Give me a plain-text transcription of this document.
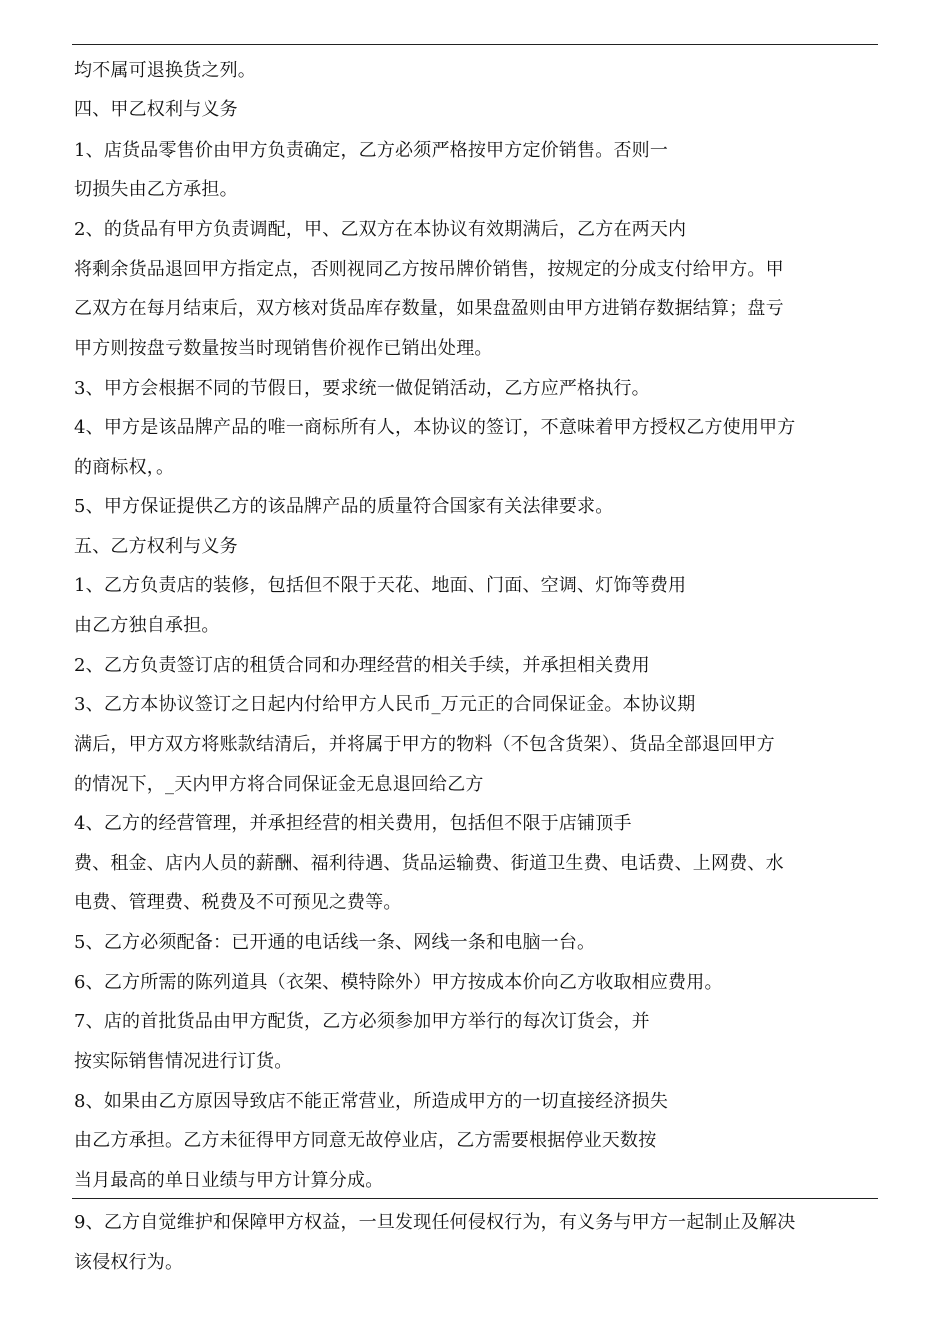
均不属可退换货之列。
四、甲乙权利与义务
1、店货品零售价由甲方负责确定，乙方必须严格按甲方定价销售。否则一
切损失由乙方承担。
2、的货品有甲方负责调配，甲、乙双方在本协议有效期满后，乙方在两天内
将剩余货品退回甲方指定点，否则视同乙方按吊牌价销售，按规定的分成支付给甲方。甲
乙双方在每月结束后，双方核对货品库存数量，如果盘盈则由甲方进销存数据结算；盘亏
甲方则按盘亏数量按当时现销售价视作已销出处理。
3、甲方会根据不同的节假日，要求统一做促销活动，乙方应严格执行。
4、甲方是该品牌产品的唯一商标所有人，本协议的签订，不意味着甲方授权乙方使用甲方
的商标权，。
5、甲方保证提供乙方的该品牌产品的质量符合国家有关法律要求。
五、乙方权利与义务
1、乙方负责店的装修，包括但不限于天花、地面、门面、空调、灯饰等费用
由乙方独自承担。
2、乙方负责签订店的租赁合同和办理经营的相关手续，并承担相关费用
3、乙方本协议签订之日起内付给甲方人民币_万元正的合同保证金。本协议期
满后，甲方双方将账款结清后，并将属于甲方的物料（不包含货架）、货品全部退回甲方
的情况下，_天内甲方将合同保证金无息退回给乙方
4、乙方的经营管理，并承担经营的相关费用，包括但不限于店铺顶手
费、租金、店内人员的薪酬、福利待遇、货品运输费、街道卫生费、电话费、上网费、水
电费、管理费、税费及不可预见之费等。
5、乙方必须配备：已开通的电话线一条、网线一条和电脑一台。
6、乙方所需的陈列道具（衣架、模特除外）甲方按成本价向乙方收取相应费用。
7、店的首批货品由甲方配货，乙方必须参加甲方举行的每次订货会，并
按实际销售情况进行订货。
8、如果由乙方原因导致店不能正常营业，所造成甲方的一切直接经济损失
由乙方承担。乙方未征得甲方同意无故停业店，乙方需要根据停业天数按
当月最高的单日业绩与甲方计算分成。
9、乙方自觉维护和保障甲方权益，一旦发现任何侵权行为，有义务与甲方一起制止及解决
该侵权行为。
